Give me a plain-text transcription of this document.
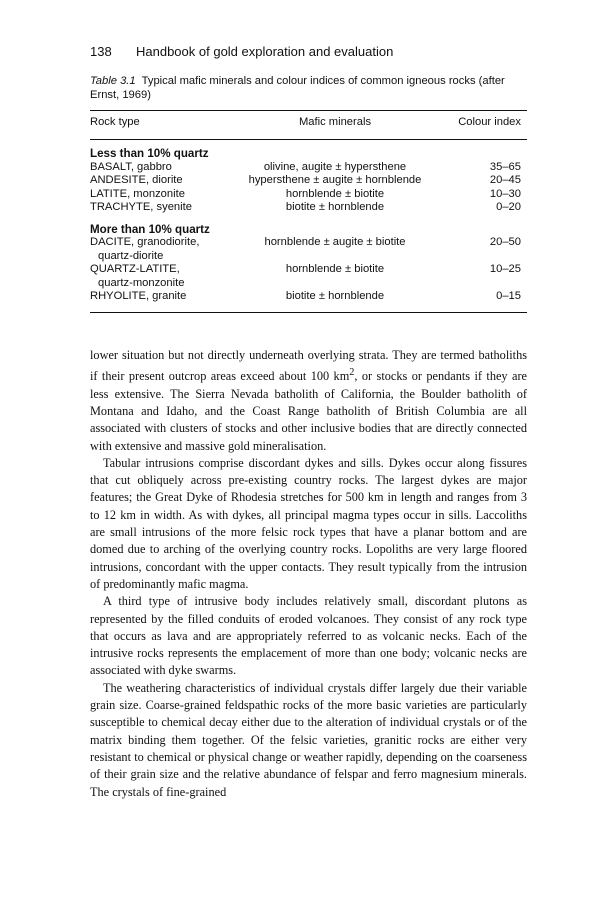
138 Handbook of gold exploration and evaluation
Table 3.1 Typical mafic minerals and colour indices of common igneous rocks (after Ernst, 1969)
Rock type	Mafic minerals	Colour index
Less than 10% quartz		
BASALT, gabbro	olivine, augite ± hypersthene	35–65
ANDESITE, diorite	hypersthene ± augite ± hornblende	20–45
LATITE, monzonite	hornblende ± biotite	10–30
TRACHYTE, syenite	biotite ± hornblende	0–20
More than 10% quartz		
DACITE, granodiorite,
quartz-diorite	hornblende ± augite ± biotite	20–50
QUARTZ-LATITE,
quartz-monzonite	hornblende ± biotite	10–25
RHYOLITE, granite	biotite ± hornblende	0–15

lower situation but not directly underneath overlying strata. They are termed batholiths if their present outcrop areas exceed about 100 $km^2$, or stocks or pendants if they are less extensive. The Sierra Nevada batholith of California, the Boulder batholith of Montana and Idaho, and the Coast Range batholith of British Columbia are all associated with clusters of stocks and other inclusive bodies that are directly connected with extensive and massive gold mineralisation.

Tabular intrusions comprise discordant dykes and sills. Dykes occur along fissures that cut obliquely across pre-existing country rocks. The largest dykes are major features; the Great Dyke of Rhodesia stretches for 500 km in length and ranges from 3 to 12 km in width. As with dykes, all principal magma types occur in sills. Laccoliths are small intrusions of the more felsic rock types that have a planar bottom and are domed due to arching of the overlying country rocks. Lopoliths are very large floored intrusions, concordant with the upper contacts. They result typically from the intrusion of predominantly mafic magma.

A third type of intrusive body includes relatively small, discordant plutons as represented by the filled conduits of eroded volcanoes. They consist of any rock type that occurs as lava and are appropriately referred to as volcanic necks. Each of the intrusive rocks represents the emplacement of more than one body; volcanic necks are associated with dyke swarms.

The weathering characteristics of individual crystals differ largely due their variable grain size. Coarse-grained feldspathic rocks of the more basic varieties are particularly susceptible to chemical decay either due to the alteration of individual crystals or of the matrix binding them together. Of the felsic varieties, granitic rocks are either very resistant to chemical or physical change or weather rapidly, depending on the coarseness of their grain size and the relative abundance of felspar and ferro magnesium minerals. The crystals of fine-grained
